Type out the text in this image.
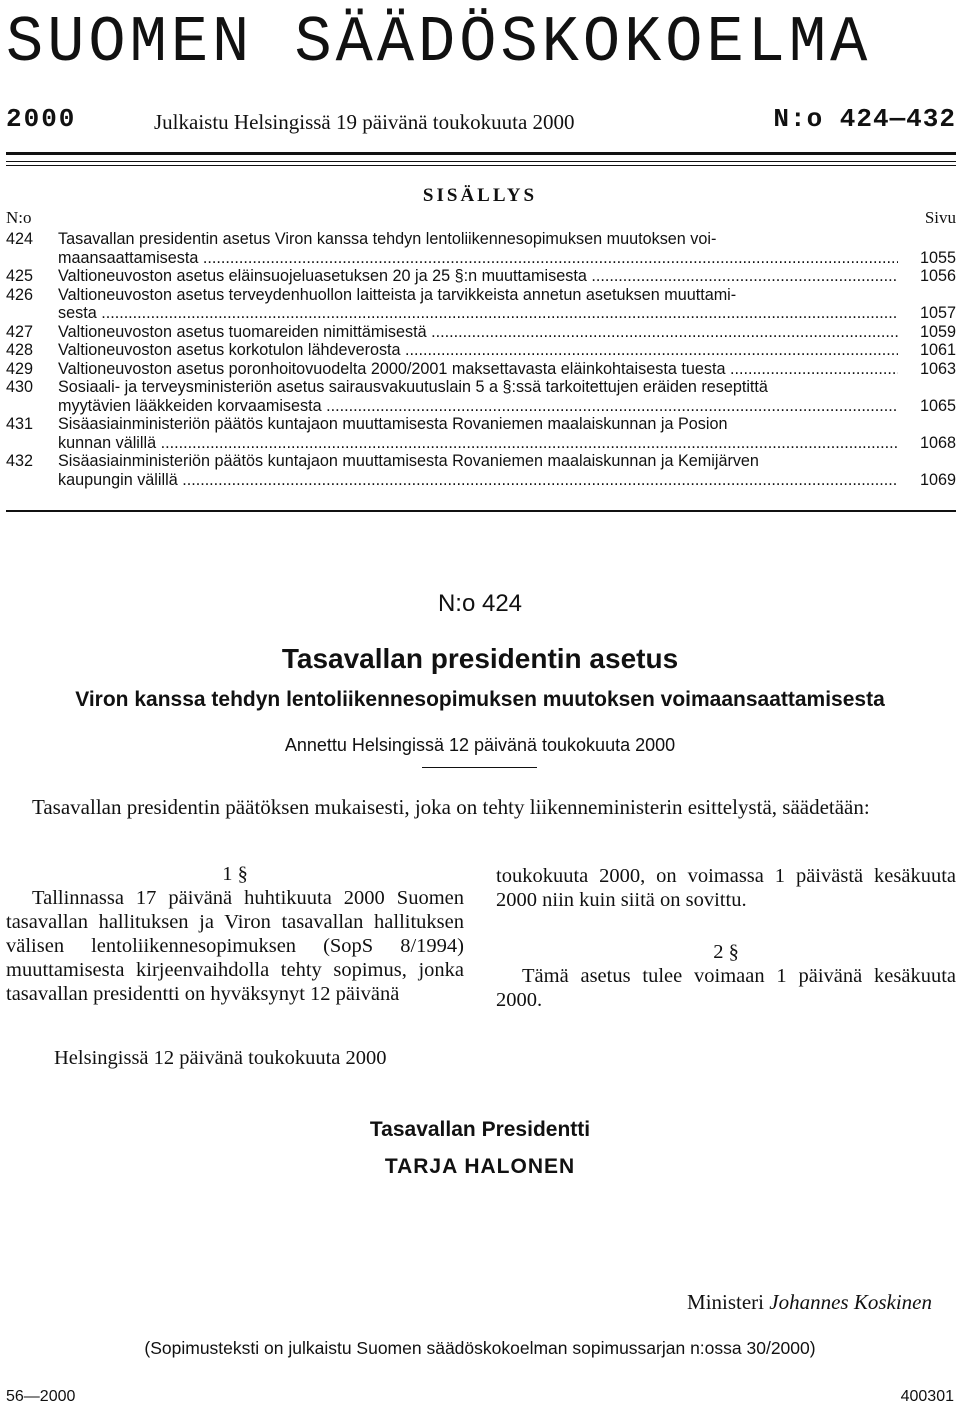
SUOMEN SÄÄDÖSKOKOELMA
2000	Julkaistu Helsingissä 19 päivänä toukokuuta 2000	N:o 424—432
SISÄLLYS
N:o	Sivu
424	Tasavallan presidentin asetus Viron kanssa tehdyn lentoliikennesopimuksen muutoksen voi-
maansaattamisesta .....	1055
425	Valtioneuvoston asetus eläinsuojeluasetuksen 20 ja 25 §:n muuttamisesta .....	1056
426	Valtioneuvoston asetus terveydenhuollon laitteista ja tarvikkeista annetun asetuksen muuttami-
sesta .....	1057
427	Valtioneuvoston asetus tuomareiden nimittämisestä .....	1059
428	Valtioneuvoston asetus korkotulon lähdeverosta .....	1061
429	Valtioneuvoston asetus poronhoitovuodelta 2000/2001 maksettavasta eläinkohtaisesta tuesta .....	1063
430	Sosiaali- ja terveysministeriön asetus sairausvakuutuslain 5 a §:ssä tarkoitettujen eräiden reseptittä
myytävien lääkkeiden korvaamisesta .....	1065
431	Sisäasiainministeriön päätös kuntajaon muuttamisesta Rovaniemen maalaiskunnan ja Posion
kunnan välillä .....	1068
432	Sisäasiainministeriön päätös kuntajaon muuttamisesta Rovaniemen maalaiskunnan ja Kemijärven
kaupungin välillä .....	1069
N:o 424
Tasavallan presidentin asetus
Viron kanssa tehdyn lentoliikennesopimuksen muutoksen voimaansaattamisesta
Annettu Helsingissä 12 päivänä toukokuuta 2000

Tasavallan presidentin päätöksen mukaisesti, joka on tehty liikenneministerin esittelystä, säädetään:

1 §

Tallinnassa 17 päivänä huhtikuuta 2000 Suomen tasavallan hallituksen ja Viron tasavallan hallituksen välisen lentoliikennesopimuksen (SopS 8/1994) muuttamisesta kirjeenvaihdolla tehty sopimus, jonka tasavallan presidentti on hyväksynyt 12 päivänä

toukokuuta 2000, on voimassa 1 päivästä kesäkuuta 2000 niin kuin siitä on sovittu.

2 §

Tämä asetus tulee voimaan 1 päivänä kesäkuuta 2000.

Helsingissä 12 päivänä toukokuuta 2000
Tasavallan Presidentti
TARJA HALONEN
Ministeri Johannes Koskinen
(Sopimusteksti on julkaistu Suomen säädöskokoelman sopimussarjan n:ossa 30/2000)
56—2000	400301
